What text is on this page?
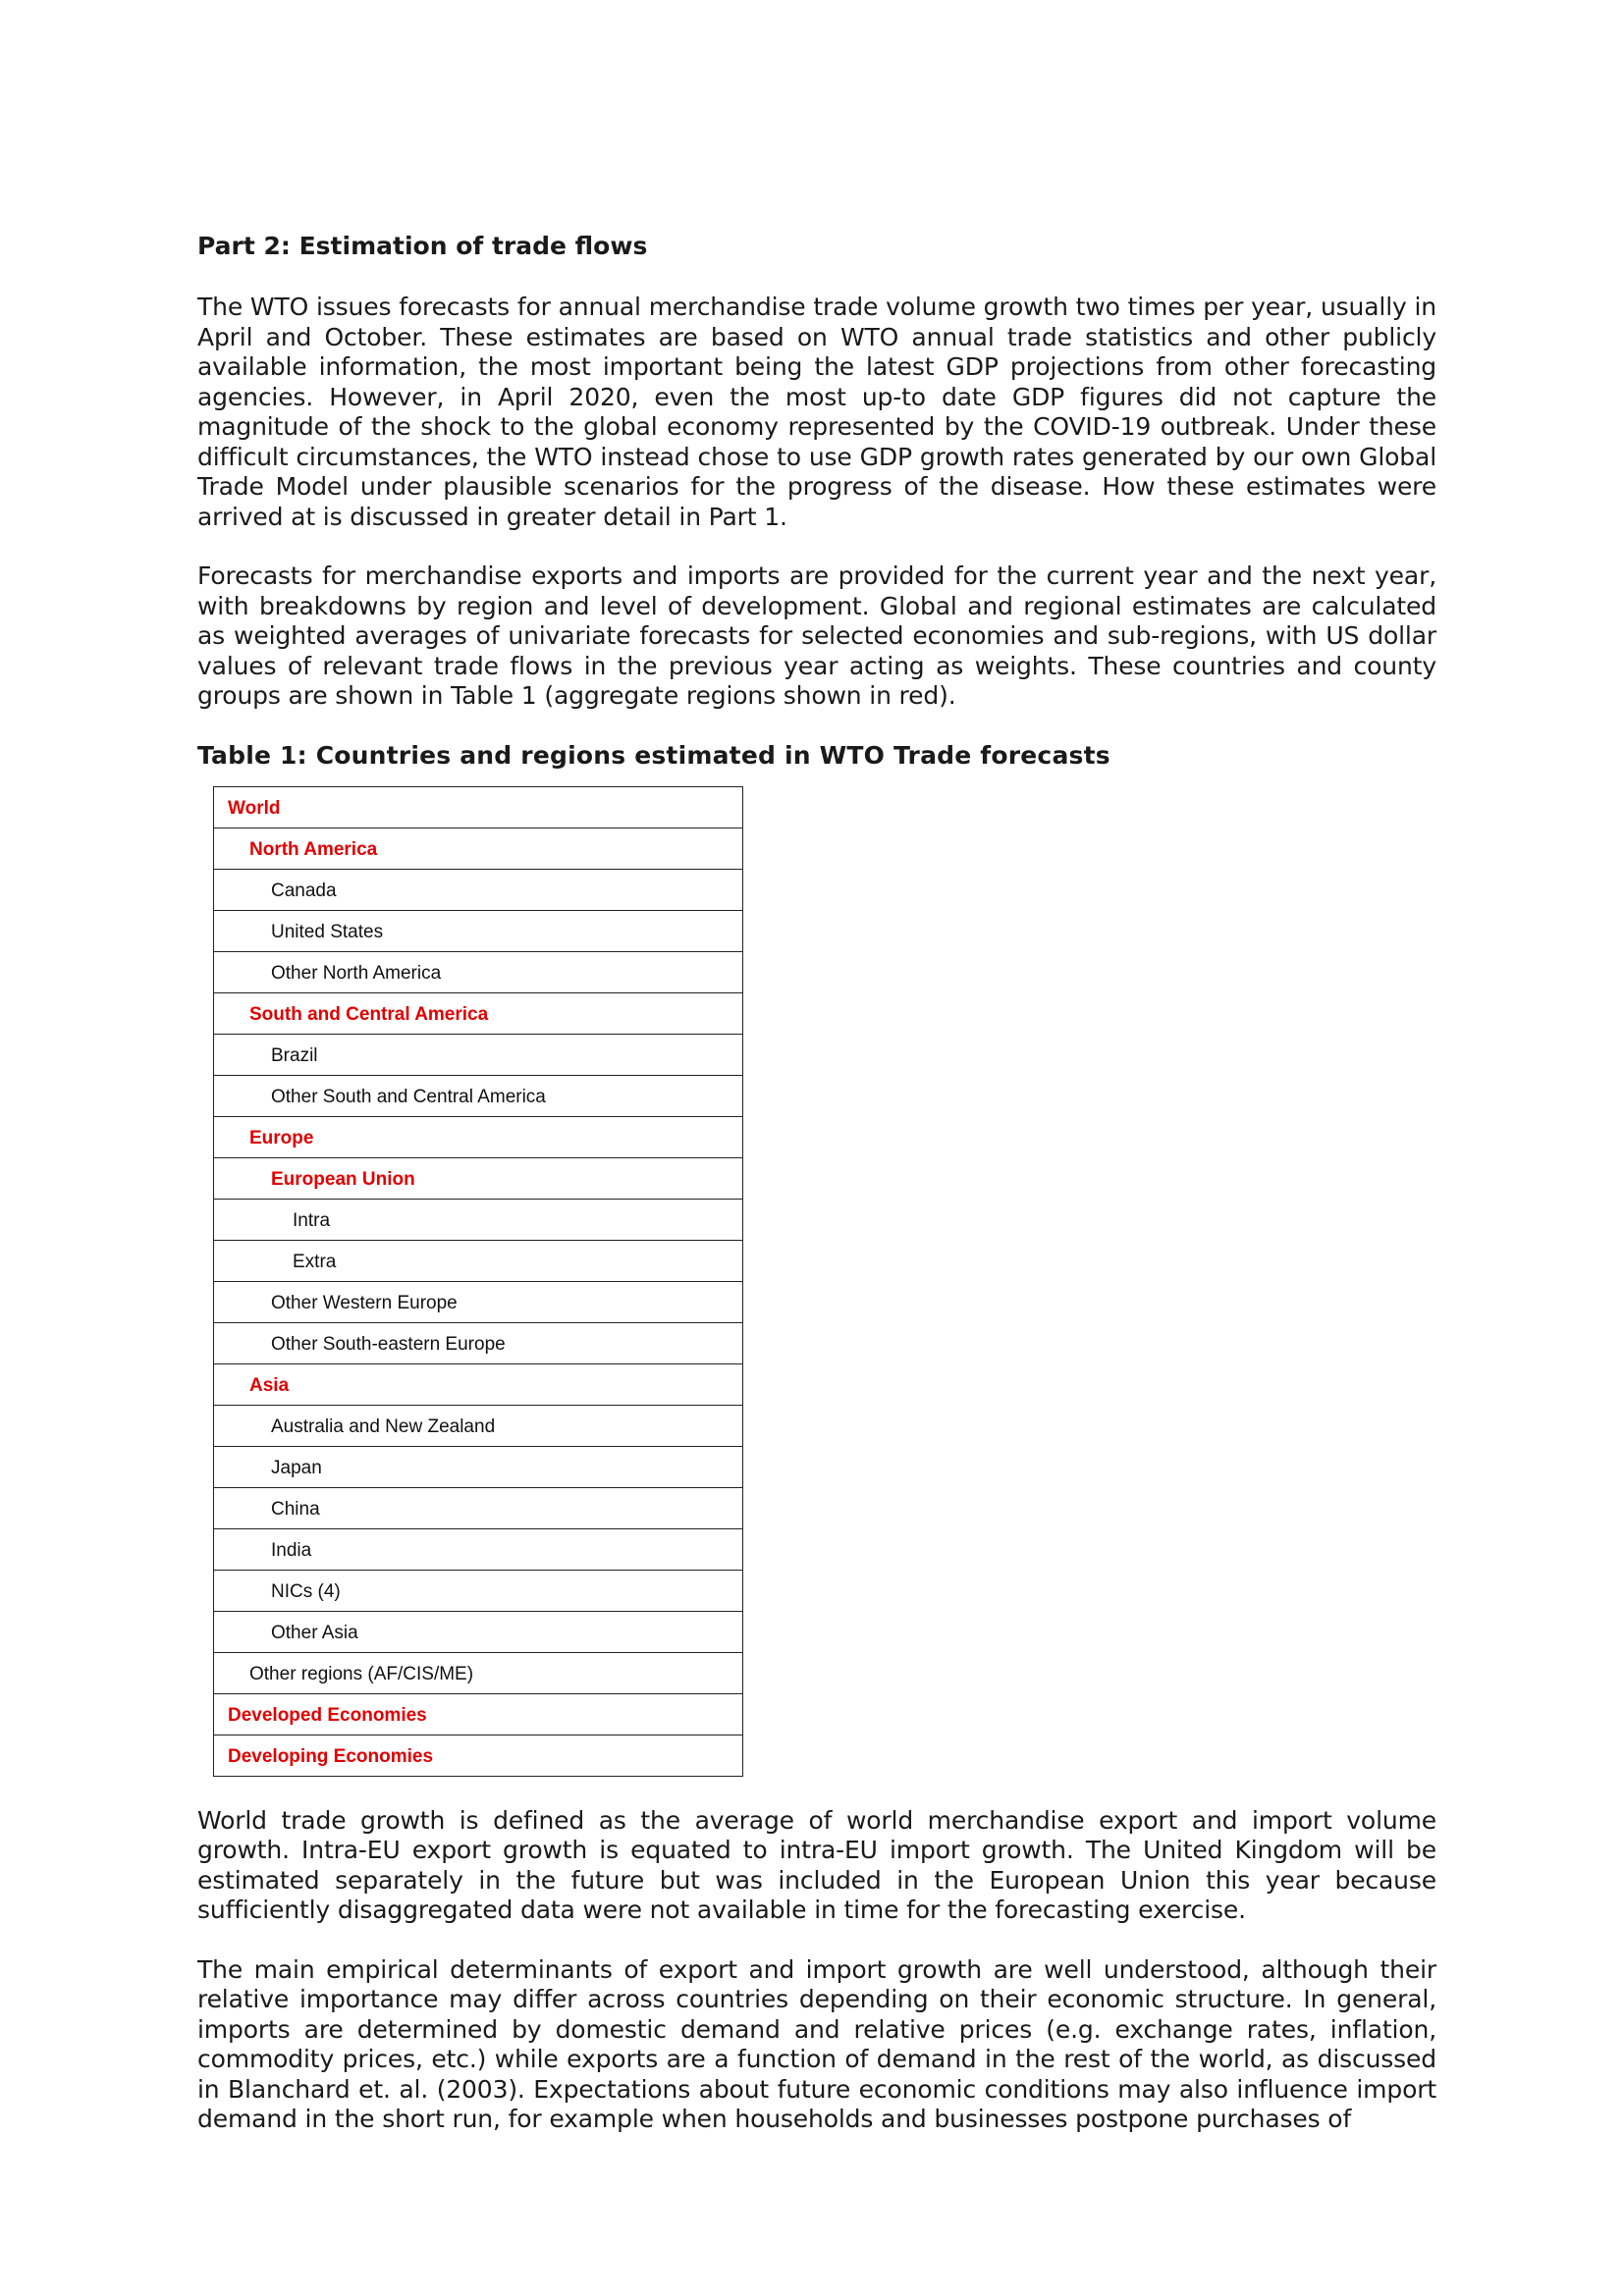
Part 2: Estimation of trade flows

The WTO issues forecasts for annual merchandise trade volume growth two times per year, usually in April and October. These estimates are based on WTO annual trade statistics and other publicly available information, the most important being the latest GDP projections from other forecasting agencies. However, in April 2020, even the most up-to date GDP figures did not capture the magnitude of the shock to the global economy represented by the COVID-19 outbreak. Under these difficult circumstances, the WTO instead chose to use GDP growth rates generated by our own Global Trade Model under plausible scenarios for the progress of the disease. How these estimates were arrived at is discussed in greater detail in Part 1.

Forecasts for merchandise exports and imports are provided for the current year and the next year, with breakdowns by region and level of development. Global and regional estimates are calculated as weighted averages of univariate forecasts for selected economies and sub-regions, with US dollar values of relevant trade flows in the previous year acting as weights. These countries and county groups are shown in Table 1 (aggregate regions shown in red).

Table 1: Countries and regions estimated in WTO Trade forecasts
World
North America
Canada
United States
Other North America
South and Central America
Brazil
Other South and Central America
Europe
European Union
Intra
Extra
Other Western Europe
Other South-eastern Europe
Asia
Australia and New Zealand
Japan
China
India
NICs (4)
Other Asia
Other regions (AF/CIS/ME)
Developed Economies
Developing Economies

World trade growth is defined as the average of world merchandise export and import volume growth. Intra-EU export growth is equated to intra-EU import growth. The United Kingdom will be estimated separately in the future but was included in the European Union this year because sufficiently disaggregated data were not available in time for the forecasting exercise.

The main empirical determinants of export and import growth are well understood, although their relative importance may differ across countries depending on their economic structure. In general, imports are determined by domestic demand and relative prices (e.g. exchange rates, inflation, commodity prices, etc.) while exports are a function of demand in the rest of the world, as discussed in Blanchard et. al. (2003). Expectations about future economic conditions may also influence import demand in the short run, for example when households and businesses postpone purchases of
